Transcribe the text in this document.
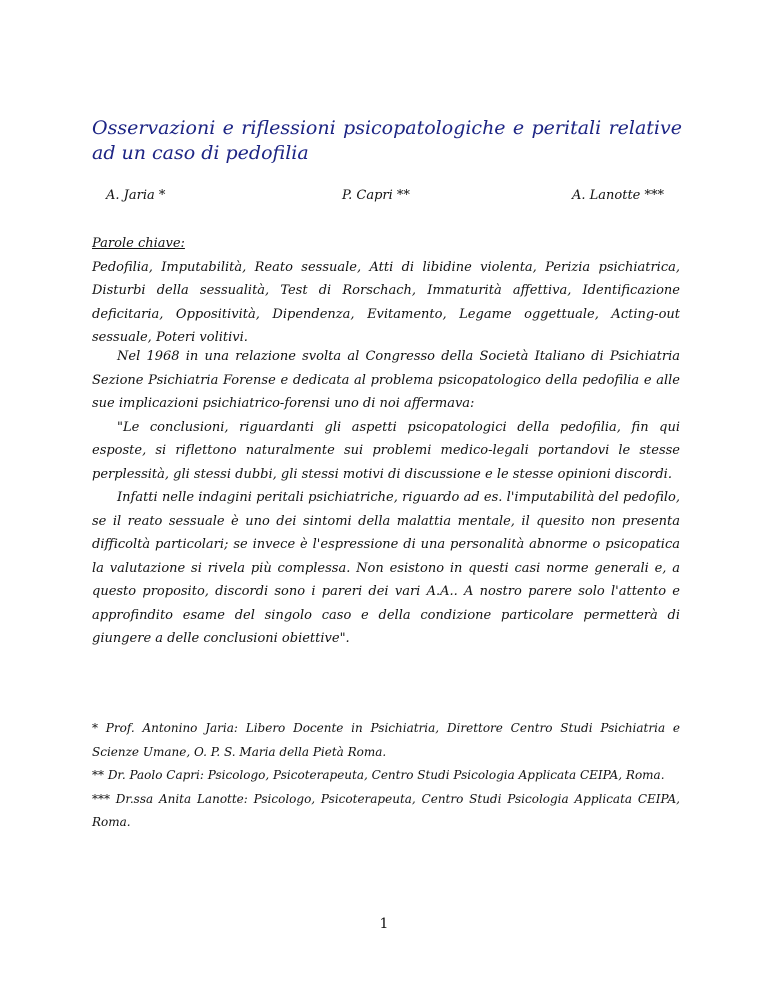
Osservazioni e riflessioni psicopatologiche e peritali relative ad un caso di pedofilia
A. Jaria *	P. Capri **	A. Lanotte ***
Parole chiave:
Pedofilia, Imputabilità, Reato sessuale, Atti di libidine violenta, Perizia psichiatrica, Disturbi della sessualità, Test di Rorschach, Immaturità affettiva, Identificazione deficitaria, Oppositività, Dipendenza, Evitamento, Legame oggettuale, Acting-out sessuale, Poteri volitivi.

Nel 1968 in una relazione svolta al Congresso della Società Italiano di Psichiatria Sezione Psichiatria Forense e dedicata al problema psicopatologico della pedofilia e alle sue implicazioni psichiatrico-forensi uno di noi affermava:

"Le conclusioni, riguardanti gli aspetti psicopatologici della pedofilia, fin qui esposte, si riflettono naturalmente sui problemi medico-legali portandovi le stesse perplessità, gli stessi dubbi, gli stessi motivi di discussione e le stesse opinioni discordi.

Infatti nelle indagini peritali psichiatriche, riguardo ad es. l'imputabilità del pedofilo, se il reato sessuale è uno dei sintomi della malattia mentale, il quesito non presenta difficoltà particolari; se invece è l'espressione di una personalità abnorme o psicopatica la valutazione si rivela più complessa. Non esistono in questi casi norme generali e, a questo proposito, discordi sono i pareri dei vari A.A.. A nostro parere solo l'attento e approfindito esame del singolo caso e della condizione particolare permetterà di giungere a delle conclusioni obiettive".

* Prof. Antonino Jaria: Libero Docente in Psichiatria, Direttore Centro Studi Psichiatria e Scienze Umane, O. P. S. Maria della Pietà Roma.

** Dr. Paolo Capri: Psicologo, Psicoterapeuta, Centro Studi Psicologia Applicata CEIPA, Roma.

*** Dr.ssa Anita Lanotte: Psicologo, Psicoterapeuta, Centro Studi Psicologia Applicata CEIPA, Roma.

1
